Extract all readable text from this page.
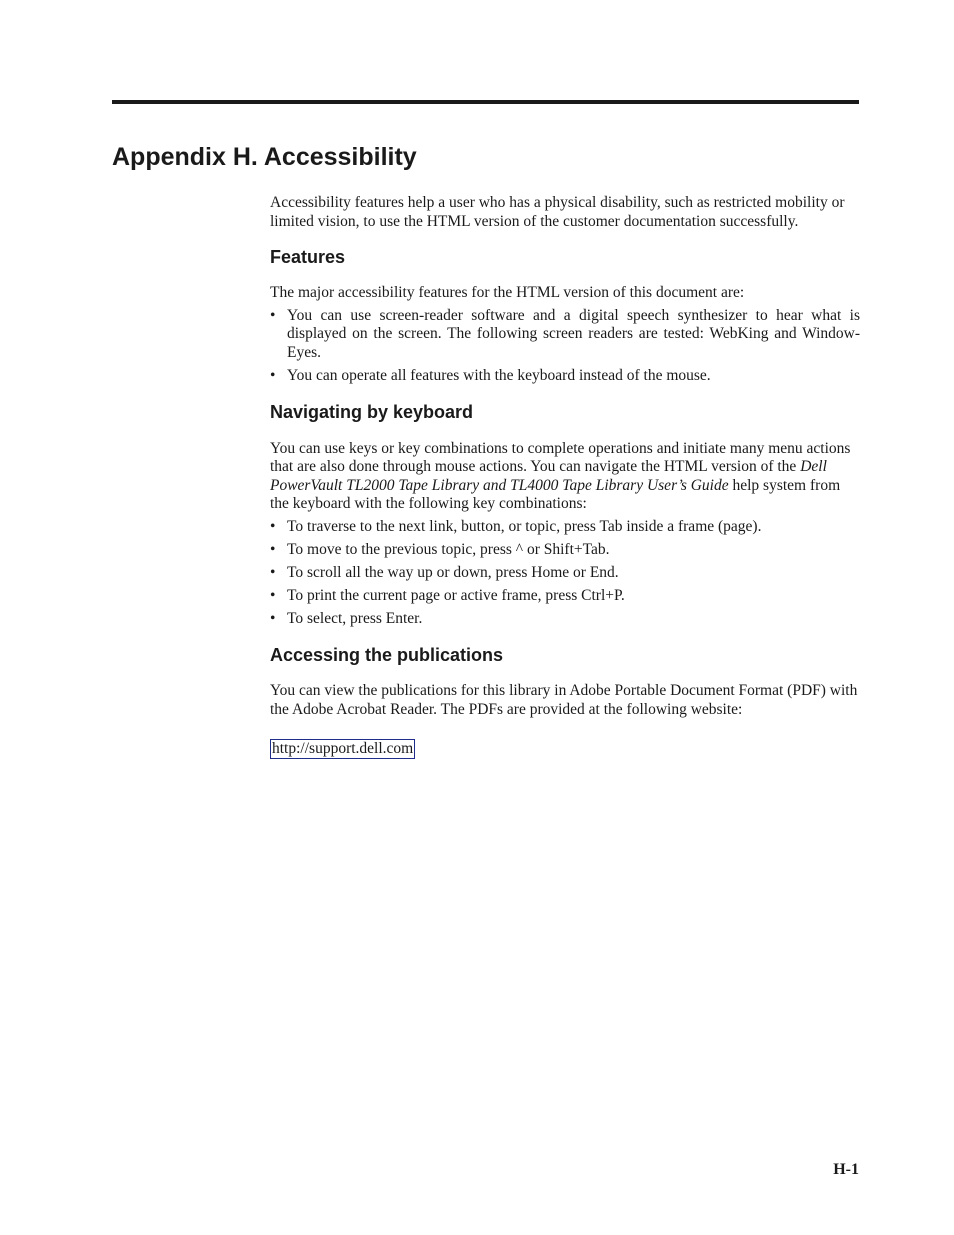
Appendix H. Accessibility

Accessibility features help a user who has a physical disability, such as restricted mobility or limited vision, to use the HTML version of the customer documentation successfully.

Features

The major accessibility features for the HTML version of this document are:

• You can use screen-reader software and a digital speech synthesizer to hear what is displayed on the screen. The following screen readers are tested: WebKing and Window-Eyes.
• You can operate all features with the keyboard instead of the mouse.
Navigating by keyboard

You can use keys or key combinations to complete operations and initiate many menu actions that are also done through mouse actions. You can navigate the HTML version of the Dell PowerVault TL2000 Tape Library and TL4000 Tape Library User’s Guide help system from the keyboard with the following key combinations:

• To traverse to the next link, button, or topic, press Tab inside a frame (page).
• To move to the previous topic, press ^ or Shift+Tab.
• To scroll all the way up or down, press Home or End.
• To print the current page or active frame, press Ctrl+P.
• To select, press Enter.
Accessing the publications

You can view the publications for this library in Adobe Portable Document Format (PDF) with the Adobe Acrobat Reader. The PDFs are provided at the following website:

http://support.dell.com

H-1
